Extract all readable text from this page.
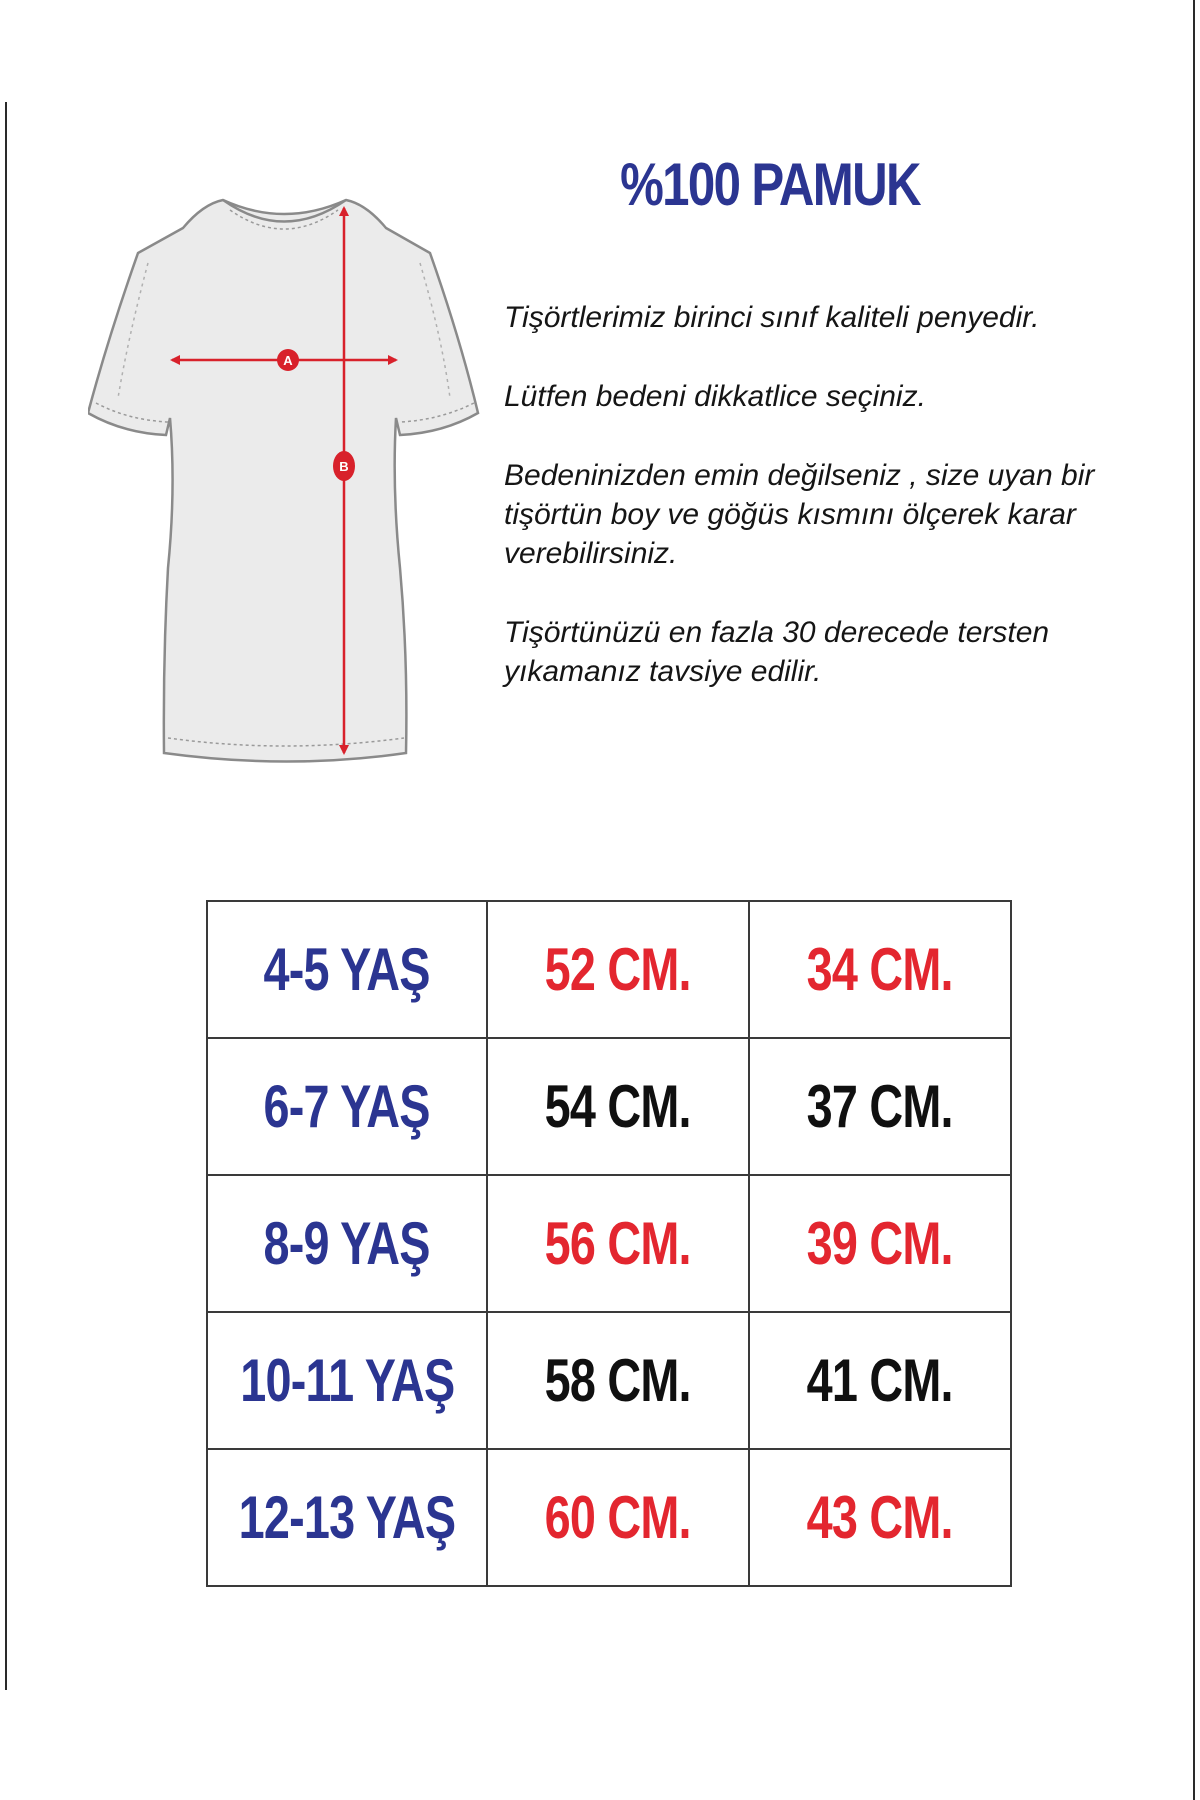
A
B
%100 PAMUK

Tişörtlerimiz birinci sınıf kaliteli penyedir.

Lütfen bedeni dikkatlice seçiniz.

Bedeninizden emin değilseniz , size uyan bir tişörtün boy ve göğüs kısmını ölçerek karar verebilirsiniz.

Tişörtünüzü en fazla 30 derecede tersten yıkamanız tavsiye edilir.

4-5 YAŞ	52 CM.	34 CM.
6-7 YAŞ	54 CM.	37 CM.
8-9 YAŞ	56 CM.	39 CM.
10-11 YAŞ	58 CM.	41 CM.
12-13 YAŞ	60 CM.	43 CM.
